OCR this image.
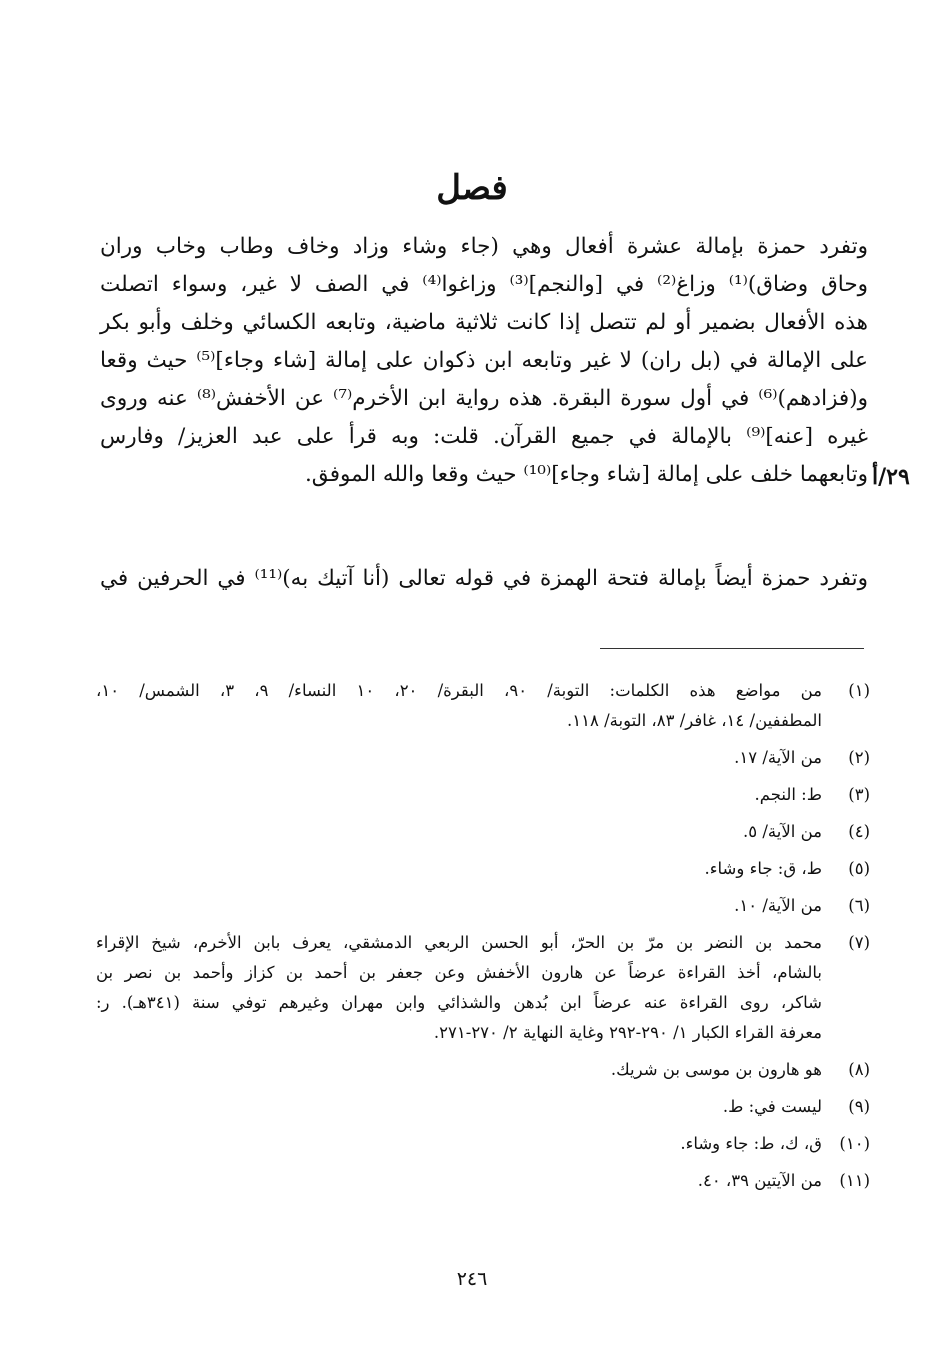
فصل
٢٩/أ
وتفرد حمزة بإمالة عشرة أفعال وهي (جاء وشاء وزاد وخاف وطاب وخاب وران
وحاق وضاق)⁽¹⁾ وزاغ⁽²⁾ في [والنجم]⁽³⁾ وزاغوا⁽⁴⁾ في الصف لا غير، وسواء اتصلت
هذه الأفعال بضمير أو لم تتصل إذا كانت ثلاثية ماضية، وتابعه الكسائي وخلف وأبو بكر
على الإمالة في (بل ران) لا غير وتابعه ابن ذكوان على إمالة [شاء وجاء]⁽⁵⁾ حيث وقعا
و(فزادهم)⁽⁶⁾ في أول سورة البقرة. هذه رواية ابن الأخرم⁽⁷⁾ عن الأخفش⁽⁸⁾ عنه وروى
غيره [عنه]⁽⁹⁾ بالإمالة في جميع القرآن. قلت: وبه قرأ على عبد العزيز/ وفارس
وتابعهما خلف على إمالة [شاء وجاء]⁽¹⁰⁾ حيث وقعا والله الموفق.
وتفرد حمزة أيضاً بإمالة فتحة الهمزة في قوله تعالى (أنا آتيك به)⁽¹¹⁾ في الحرفين في
(١)
من مواضع هذه الكلمات: التوبة/ ٩٠، البقرة/ ٢٠، ١٠ النساء/ ٩، ٣، الشمس/ ١٠،
المطففين/ ١٤، غافر/ ٨٣، التوبة/ ١١٨.
(٢)
من الآية/ ١٧.
(٣)
ط: النجم.
(٤)
من الآية/ ٥.
(٥)
ط، ق: جاء وشاء.
(٦)
من الآية/ ١٠.
(٧)
محمد بن النضر بن مرّ بن الحرّ، أبو الحسن الربعي الدمشقي، يعرف بابن الأخرم، شيخ الإقراء
بالشام، أخذ القراءة عرضاً عن هارون الأخفش وعن جعفر بن أحمد بن كزاز وأحمد بن نصر بن
شاكر، روى القراءة عنه عرضاً ابن بُدهن والشذائي وابن مهران وغيرهم توفي سنة (٣٤١هـ). ر:
معرفة القراء الكبار ١/ ٢٩٠-٢٩٢ وغاية النهاية ٢/ ٢٧٠-٢٧١.
(٨)
هو هارون بن موسى بن شريك.
(٩)
ليست في: ط.
(١٠)
ق، ك، ط: جاء وشاء.
(١١)
من الآيتين ٣٩، ٤٠.
٢٤٦
